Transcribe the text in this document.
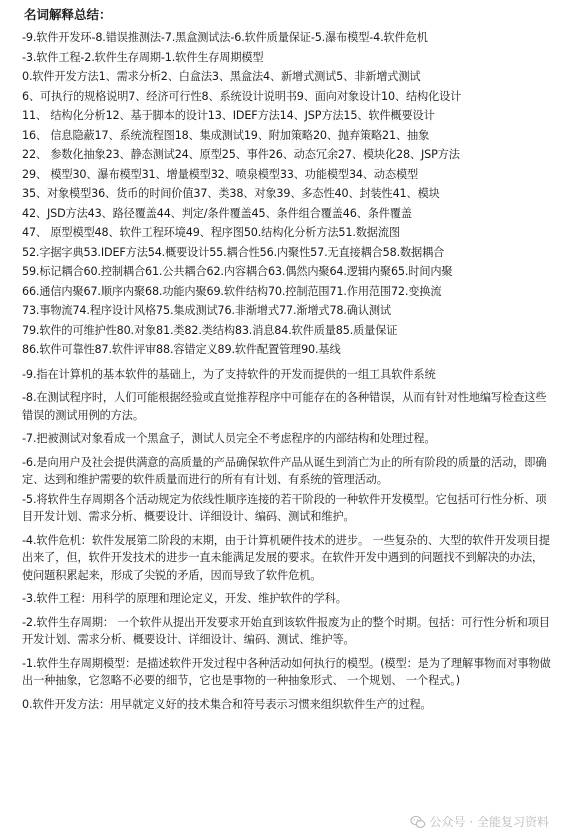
名词解释总结：
-9.软件开发环-8.错误推测法-7.黑盒测试法-6.软件质量保证-5.瀑布模型-4.软件危机
-3.软件工程-2.软件生存周期-1.软件生存周期模型
0.软件开发方法1、需求分析2、白盒法3、黑盒法4、新增式测试5、非新增式测试
6、可执行的规格说明7、经济可行性8、系统设计说明书9、面向对象设计10、结构化设计
11、 结构化分析12、基于脚本的设计13、IDEF方法14、JSP方法15、软件概要设计
16、 信息隐蔽17、系统流程图18、集成测试19、附加策略20、抛弃策略21、抽象
22、 参数化抽象23、静态测试24、原型25、事件26、动态冗余27、模块化28、JSP方法
29、 模型30、瀑布模型31、增量模型32、喷泉模型33、功能模型34、动态模型
35、对象模型36、货币的时间价值37、类38、对象39、多态性40、封装性41、模块
42、JSD方法43、路径覆盖44、判定/条件覆盖45、条件组合覆盖46、条件覆盖
47、 原型模型48、软件工程环境49、程序图50.结构化分析方法51.数据流图
52.字据字典53.IDEF方法54.概要设计55.耦合性56.内聚性57.无直接耦合58.数据耦合
59.标记耦合60.控制耦合61.公共耦合62.内容耦合63.偶然内聚64.逻辑内聚65.时间内聚
66.通信内聚67.顺序内聚68.功能内聚69.软件结构70.控制范围71.作用范围72.变换流
73.事物流74.程序设计风格75.集成测试76.非渐增式77.渐增式78.确认测试
79.软件的可维护性80.对象81.类82.类结构83.消息84.软件质量85.质量保证
86.软件可靠性87.软件评审88.容错定义89.软件配置管理90.基线
-9.指在计算机的基本软件的基础上，为了支持软件的开发而提供的一组工具软件系统
-8.在测试程序时，人们可能根据经验或直觉推荐程序中可能存在的各种错误，从而有针对性地编写检查这些错误的测试用例的方法。
-7.把被测试对象看成一个黑盒子，测试人员完全不考虑程序的内部结构和处理过程。
-6.是向用户及社会提供满意的高质量的产品确保软件产品从诞生到消亡为止的所有阶段的质量的活动，即确定、达到和维护需要的软件质量而进行的所有有计划、有系统的管理活动。
-5.将软件生存周期各个活动规定为依线性顺序连接的若干阶段的一种软件开发模型。它包括可行性分析、项目开发计划、需求分析、概要设计、详细设计、编码、测试和维护。
-4.软件危机：软件发展第二阶段的末期，由于计算机硬件技术的进步。 一些复杂的、大型的软件开发项目提出来了，但，软件开发技术的进步一直未能满足发展的要求。在软件开发中遇到的问题找不到解决的办法，使问题积累起来，形成了尖锐的矛盾，因而导致了软件危机。
-3.软件工程：用科学的原理和理论定义，开发、维护软件的学科。
-2.软件生存周期： 一个软件从提出开发要求开始直到该软件报废为止的整个时期。包括：可行性分析和项目开发计划、需求分析、概要设计、详细设计、编码、测试、维护等。
-1.软件生存周期模型：是描述软件开发过程中各种活动如何执行的模型。(模型：是为了理解事物而对事物做出一种抽象，它忽略不必要的细节，它也是事物的一种抽象形式、 一个规划、 一个程式。)
0.软件开发方法：用早就定义好的技术集合和符号表示习惯来组织软件生产的过程。
公众号 · 全能复习资料
